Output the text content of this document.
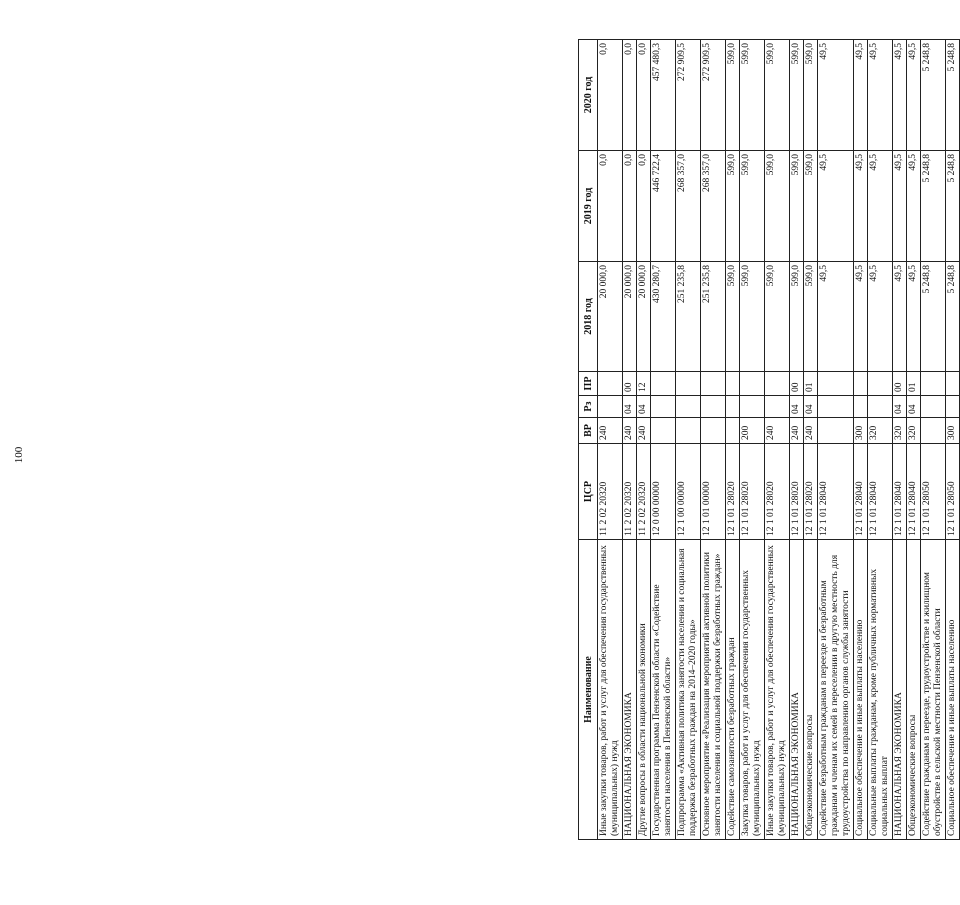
100
Наименование	ЦСР	ВР	Рз	ПР	2018 год	2019 год	2020 год
Иные закупки товаров, работ и услуг для обеспечения государственных (муниципальных) нужд	11 2 02 20320	240			20 000,0	0,0	0,0
НАЦИОНАЛЬНАЯ ЭКОНОМИКА	11 2 02 20320	240	04	00	20 000,0	0,0	0,0
Другие вопросы в области национальной экономики	11 2 02 20320	240	04	12	20 000,0	0,0	0,0
Государственная программа Пензенской области «Содействие занятости населения в Пензенской области»	12 0 00 00000				430 280,7	446 722,4	457 480,3
Подпрограмма «Активная политика занятости населения и социальная поддержка безработных граждан на 2014–2020 годы»	12 1 00 00000				251 235,8	268 357,0	272 909,5
Основное мероприятие «Реализация мероприятий активной политики занятости населения и социальной поддержки безработных граждан»	12 1 01 00000				251 235,8	268 357,0	272 909,5
Содействие самозанятости безработных граждан	12 1 01 28020				599,0	599,0	599,0
Закупка товаров, работ и услуг для обеспечения государственных (муниципальных) нужд	12 1 01 28020	200			599,0	599,0	599,0
Иные закупки товаров, работ и услуг для обеспечения государственных (муниципальных) нужд	12 1 01 28020	240			599,0	599,0	599,0
НАЦИОНАЛЬНАЯ ЭКОНОМИКА	12 1 01 28020	240	04	00	599,0	599,0	599,0
Общеэкономические вопросы	12 1 01 28020	240	04	01	599,0	599,0	599,0
Содействие безработным гражданам в переезде и безработным гражданам и членам их семей в переселении в другую местность для трудоустройства по направлению органов службы занятости	12 1 01 28040				49,5	49,5	49,5
Социальное обеспечение и иные выплаты населению	12 1 01 28040	300			49,5	49,5	49,5
Социальные выплаты гражданам, кроме публичных нормативных социальных выплат	12 1 01 28040	320			49,5	49,5	49,5
НАЦИОНАЛЬНАЯ ЭКОНОМИКА	12 1 01 28040	320	04	00	49,5	49,5	49,5
Общеэкономические вопросы	12 1 01 28040	320	04	01	49,5	49,5	49,5
Содействие гражданам в переезде, трудоустройстве и жилищном обустройстве в сельской местности Пензенской области	12 1 01 28050				5 248,8	5 248,8	5 248,8
Социальное обеспечение и иные выплаты населению	12 1 01 28050	300			5 248,8	5 248,8	5 248,8
